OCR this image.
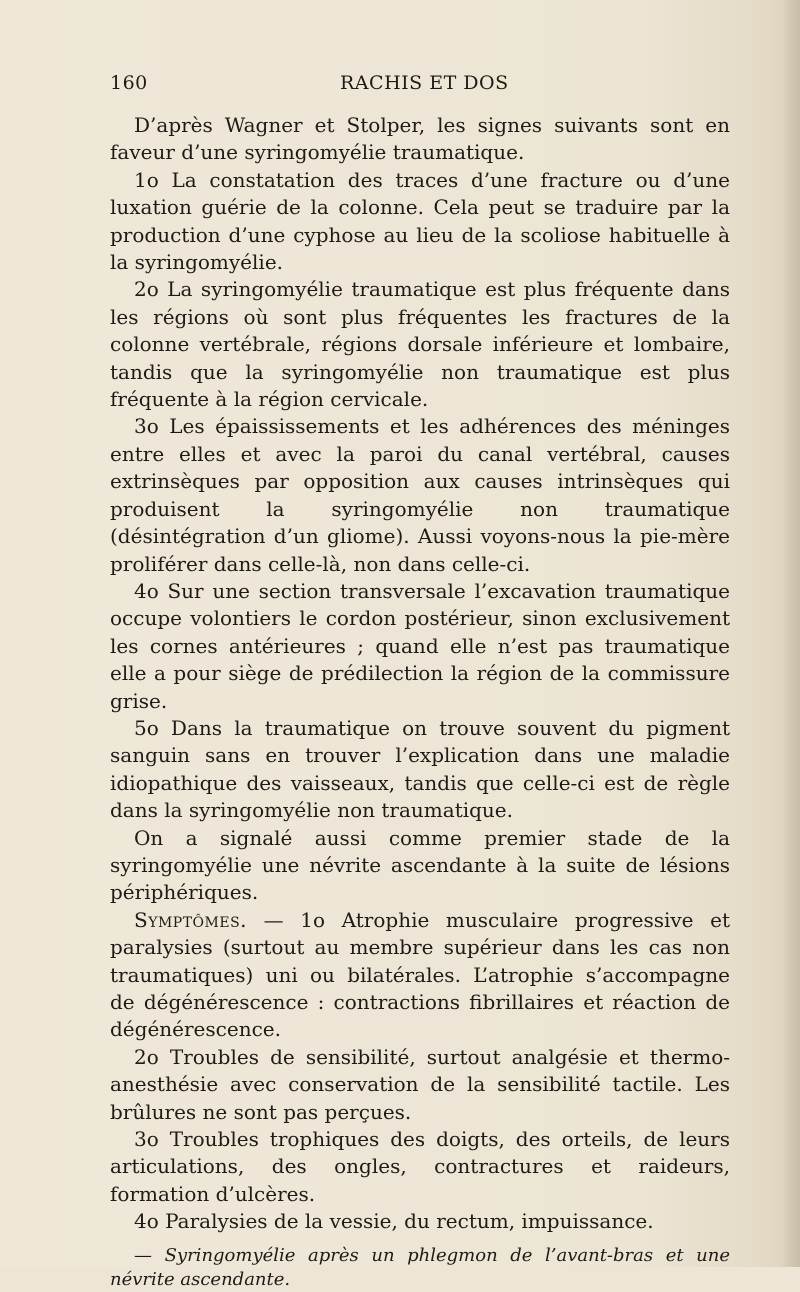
160	RACHIS ET DOS

D’après Wagner et Stolper, les signes suivants sont en faveur d’une syringomyélie traumatique.

1o La constatation des traces d’une fracture ou d’une luxation guérie de la colonne. Cela peut se traduire par la production d’une cyphose au lieu de la scoliose habituelle à la syringomyélie.

2o La syringomyélie traumatique est plus fréquente dans les régions où sont plus fréquentes les fractures de la colonne vertébrale, régions dorsale inférieure et lombaire, tandis que la syringomyélie non traumatique est plus fréquente à la région cervicale.

3o Les épaississements et les adhérences des méninges entre elles et avec la paroi du canal vertébral, causes extrinsèques par opposition aux causes intrinsèques qui produisent la syringomyélie non traumatique (désintégration d’un gliome). Aussi voyons-nous la pie-mère proliférer dans celle-là, non dans celle-ci.

4o Sur une section transversale l’excavation traumatique occupe volontiers le cordon postérieur, sinon exclusivement les cornes antérieures ; quand elle n’est pas traumatique elle a pour siège de prédilection la région de la commissure grise.

5o Dans la traumatique on trouve souvent du pigment sanguin sans en trouver l’explication dans une maladie idiopathique des vaisseaux, tandis que celle-ci est de règle dans la syringomyélie non traumatique.

On a signalé aussi comme premier stade de la syringomyélie une névrite ascendante à la suite de lésions périphériques.

Symptômes. — 1o Atrophie musculaire progressive et paralysies (surtout au membre supérieur dans les cas non traumatiques) uni ou bilatérales. L’atrophie s’accompagne de dégénérescence : contractions fibrillaires et réaction de dégénérescence.

2o Troubles de sensibilité, surtout analgésie et thermo-anesthésie avec conservation de la sensibilité tactile. Les brûlures ne sont pas perçues.

3o Troubles trophiques des doigts, des orteils, de leurs articulations, des ongles, contractures et raideurs, formation d’ulcères.

4o Paralysies de la vessie, du rectum, impuissance.

— Syringomyélie après un phlegmon de l’avant-bras et une névrite ascendante.
